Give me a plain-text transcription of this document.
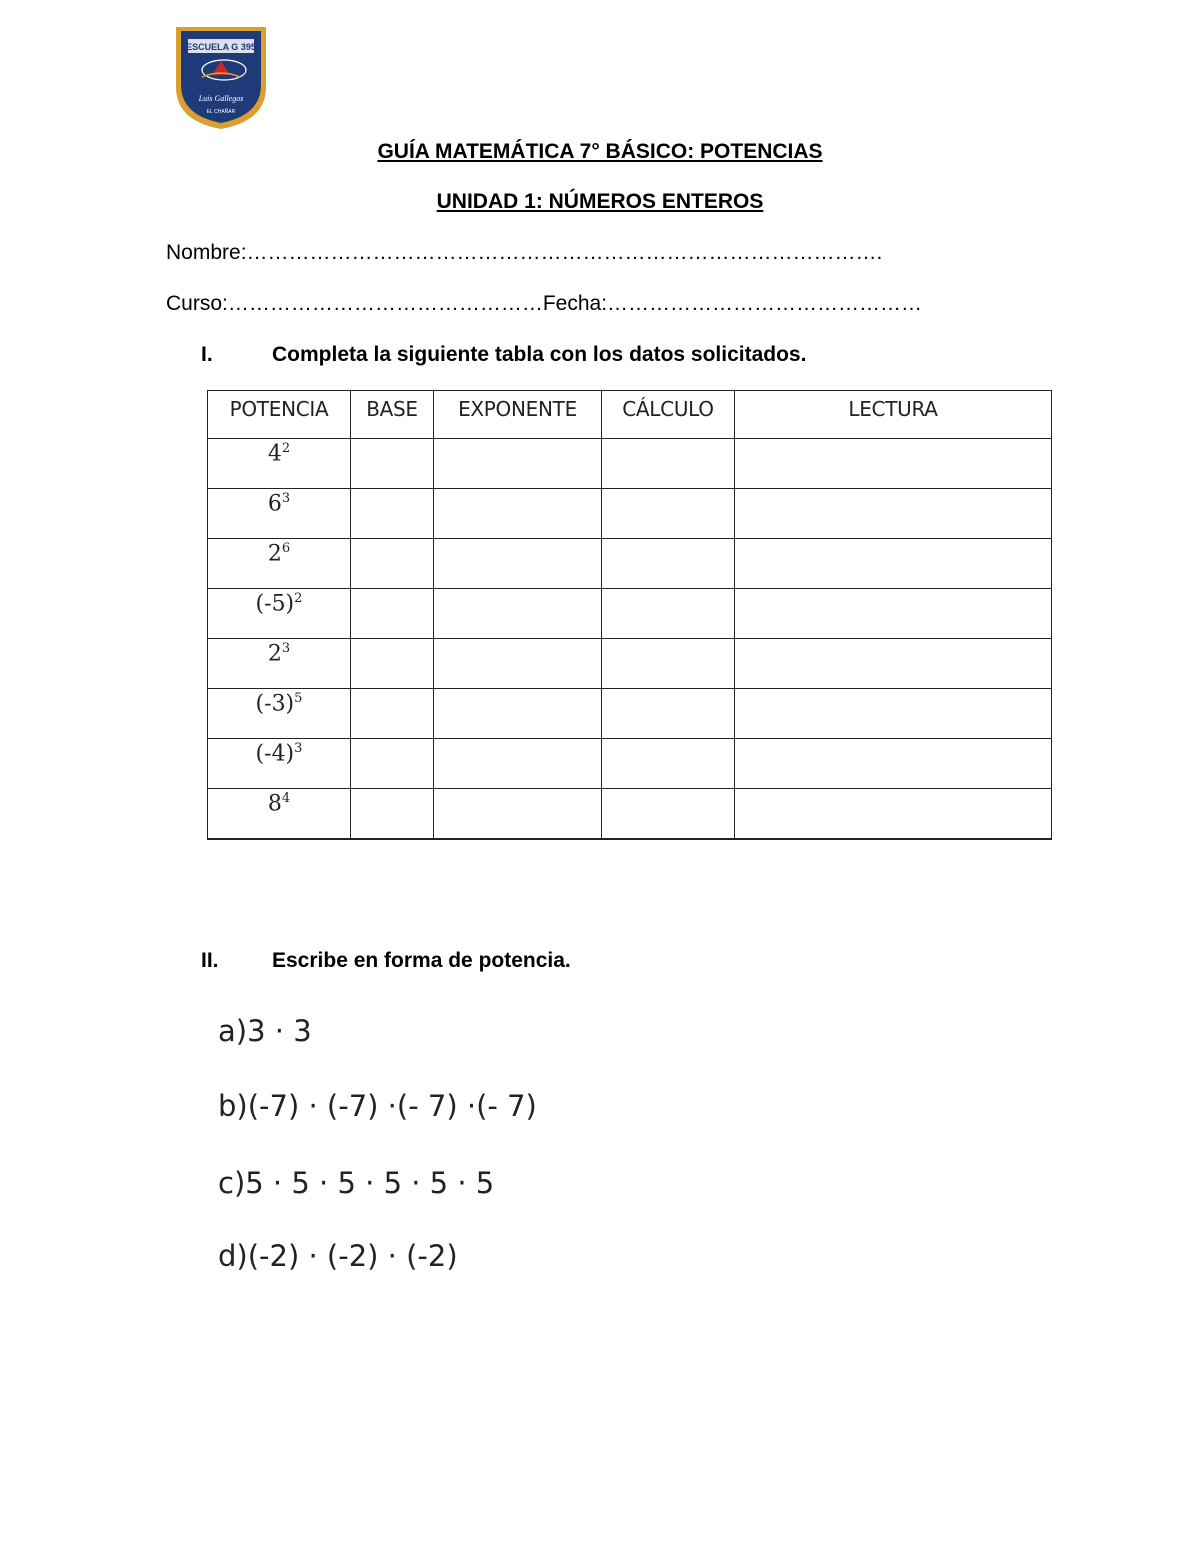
ESCUELA G 395
Luis Gallegos
EL CHAÑAR
GUÍA MATEMÁTICA 7° BÁSICO: POTENCIAS
UNIDAD 1: NÚMEROS ENTEROS
Nombre:……………………………………………………………………………….
Curso:………………………………………Fecha:………………………………………
I.	Completa la siguiente tabla con los datos solicitados.
POTENCIA	BASE	EXPONENTE	CÁLCULO	LECTURA
$4^2$				
$6^3$				
$2^6$				
$(-5)^2$				
$2^3$				
$(-3)^5$				
$(-4)^3$				
$8^4$				
II.	Escribe en forma de potencia.
a)3 · 3
b)(-7) · (-7) ·(- 7) ·(- 7)
c)5 · 5 · 5 · 5 · 5 · 5
d)(-2) · (-2) · (-2)
